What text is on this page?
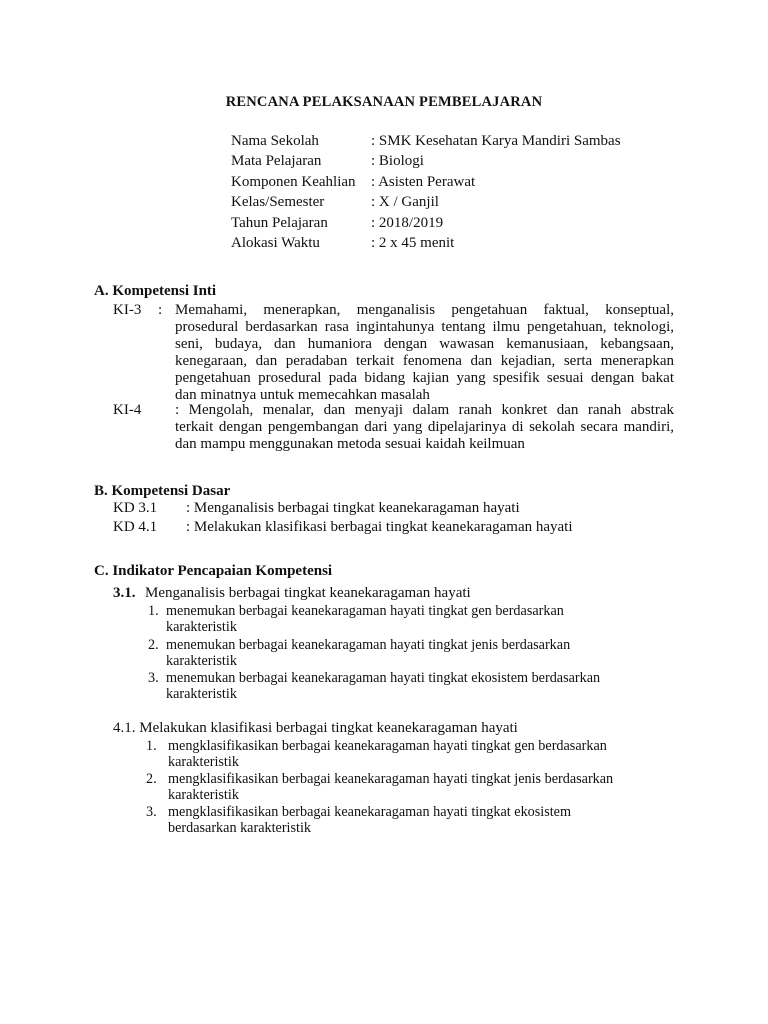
RENCANA PELAKSANAAN PEMBELAJARAN
Nama Sekolah	: SMK Kesehatan Karya Mandiri Sambas
Mata Pelajaran	: Biologi
Komponen Keahlian : Asisten Perawat
Kelas/Semester	: X / Ganjil
Tahun Pelajaran	: 2018/2019
Alokasi Waktu	: 2 x 45 menit
A. Kompetensi Inti
KI-3 : Memahami, menerapkan, menganalisis pengetahuan faktual, konseptual,
prosedural berdasarkan rasa ingintahunya tentang ilmu pengetahuan, teknologi,
seni, budaya, dan humaniora dengan wawasan kemanusiaan, kebangsaan,
kenegaraan, dan peradaban terkait fenomena dan kejadian, serta menerapkan
pengetahuan prosedural pada bidang kajian yang spesifik sesuai dengan bakat
dan minatnya untuk memecahkan masalah
KI-4 : Mengolah, menalar, dan menyaji dalam ranah konkret dan ranah abstrak
terkait dengan pengembangan dari yang dipelajarinya di sekolah secara mandiri,
dan mampu menggunakan metoda sesuai kaidah keilmuan
B. Kompetensi Dasar
KD 3.1 : Menganalisis berbagai tingkat keanekaragaman hayati
KD 4.1 : Melakukan klasifikasi berbagai tingkat keanekaragaman hayati
C. Indikator Pencapaian Kompetensi
3.1. Menganalisis berbagai tingkat keanekaragaman hayati
1. menemukan berbagai keanekaragaman hayati tingkat gen berdasarkan
karakteristik
2. menemukan berbagai keanekaragaman hayati tingkat jenis berdasarkan
karakteristik
3. menemukan berbagai keanekaragaman hayati tingkat ekosistem berdasarkan
karakteristik
4.1. Melakukan klasifikasi berbagai tingkat keanekaragaman hayati
1. mengklasifikasikan berbagai keanekaragaman hayati tingkat gen berdasarkan
karakteristik
2. mengklasifikasikan berbagai keanekaragaman hayati tingkat jenis berdasarkan
karakteristik
3. mengklasifikasikan berbagai keanekaragaman hayati tingkat ekosistem
berdasarkan karakteristik
